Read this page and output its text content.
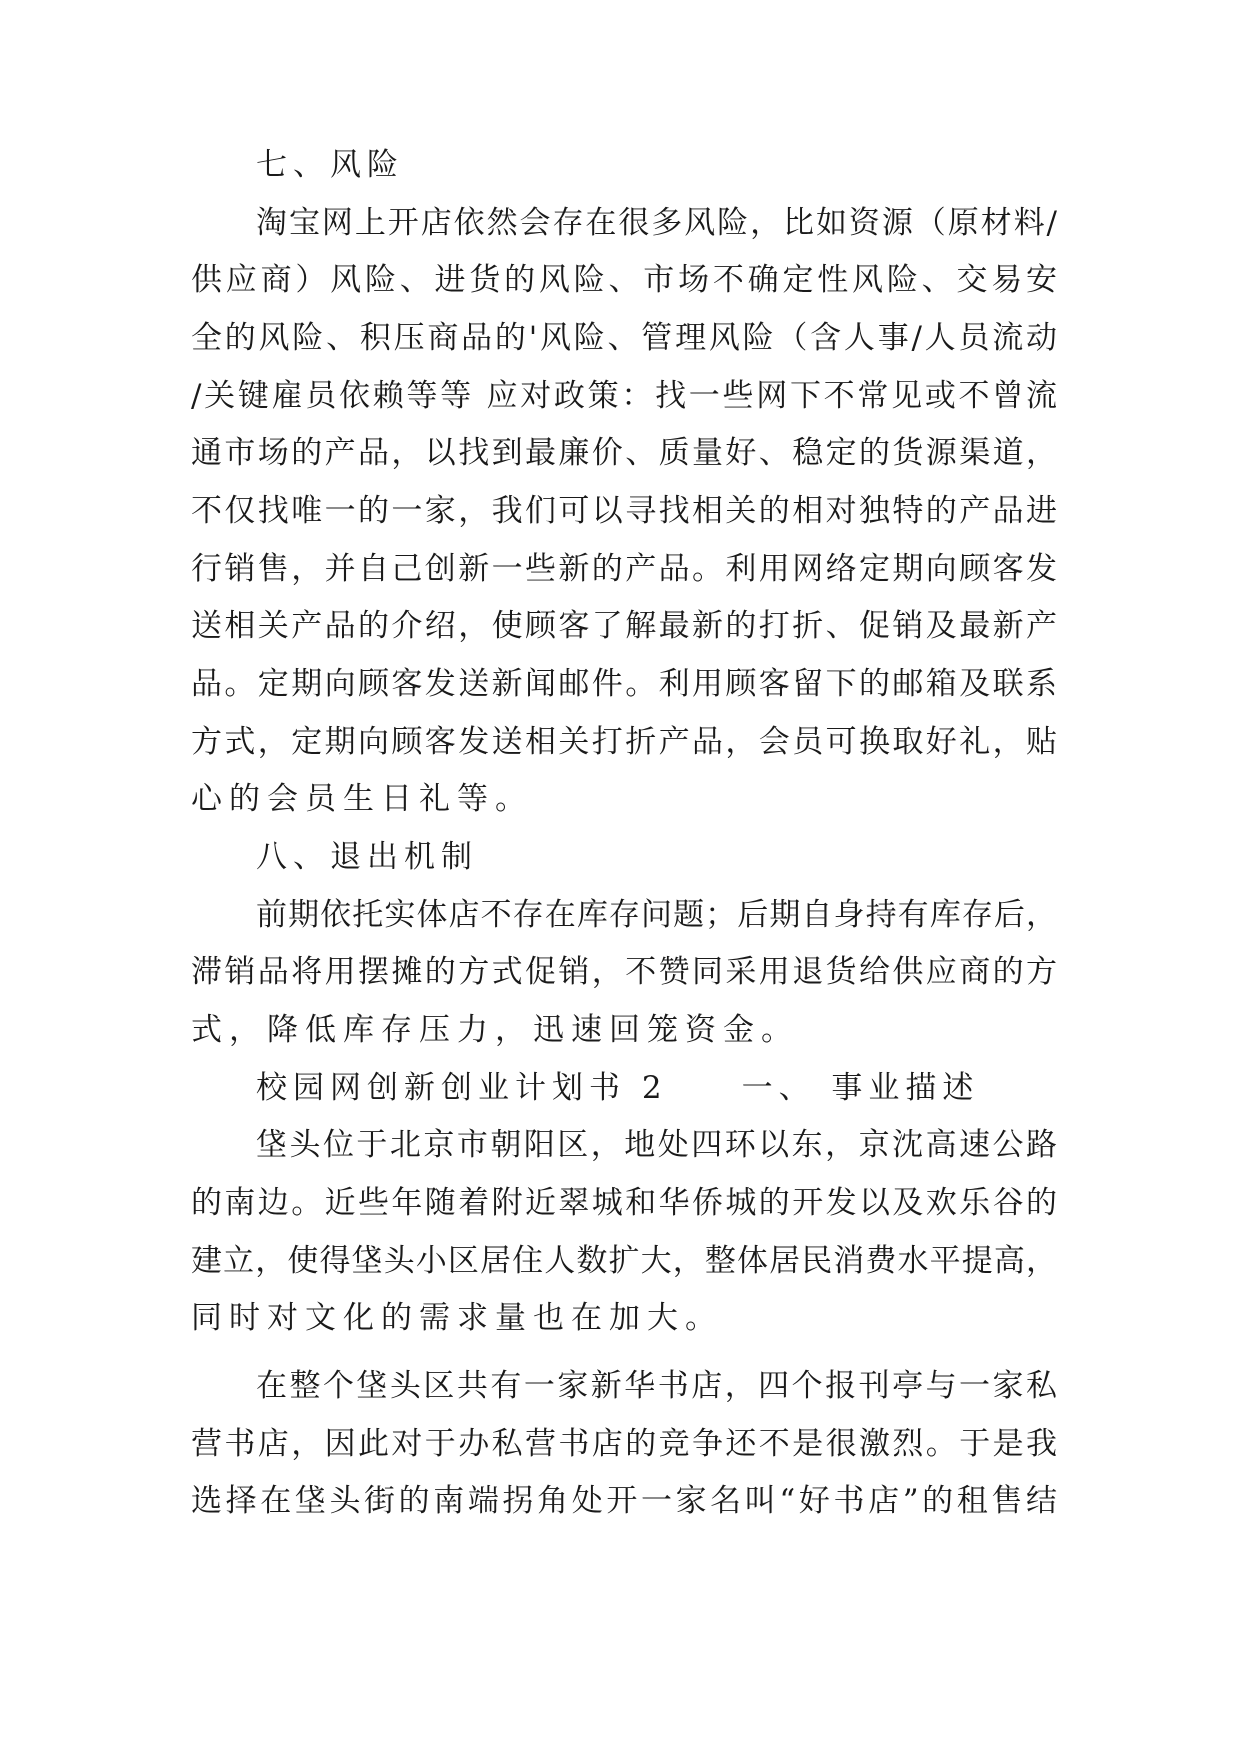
七、风险
淘宝网上开店依然会存在很多风险，比如资源（原材料/
供应商）风险、进货的风险、市场不确定性风险、交易安
全的风险、积压商品的'风险、管理风险（含人事/人员流动
/关键雇员依赖等等 应对政策：找一些网下不常见或不曾流
通市场的产品，以找到最廉价、质量好、稳定的货源渠道，
不仅找唯一的一家，我们可以寻找相关的相对独特的产品进
行销售，并自己创新一些新的产品。利用网络定期向顾客发
送相关产品的介绍，使顾客了解最新的打折、促销及最新产
品。定期向顾客发送新闻邮件。利用顾客留下的邮箱及联系
方式，定期向顾客发送相关打折产品，会员可换取好礼，贴
心的会员生日礼等。
八、退出机制
前期依托实体店不存在库存问题；后期自身持有库存后，
滞销品将用摆摊的方式促销，不赞同采用退货给供应商的方
式，降低库存压力，迅速回笼资金。
校园网创新创业计划书 2　　一、 事业描述
垡头位于北京市朝阳区，地处四环以东，京沈高速公路
的南边。近些年随着附近翠城和华侨城的开发以及欢乐谷的
建立，使得垡头小区居住人数扩大，整体居民消费水平提高，
同时对文化的需求量也在加大。
在整个垡头区共有一家新华书店，四个报刊亭与一家私
营书店，因此对于办私营书店的竞争还不是很激烈。于是我
选择在垡头街的南端拐角处开一家名叫“好书店”的租售结
